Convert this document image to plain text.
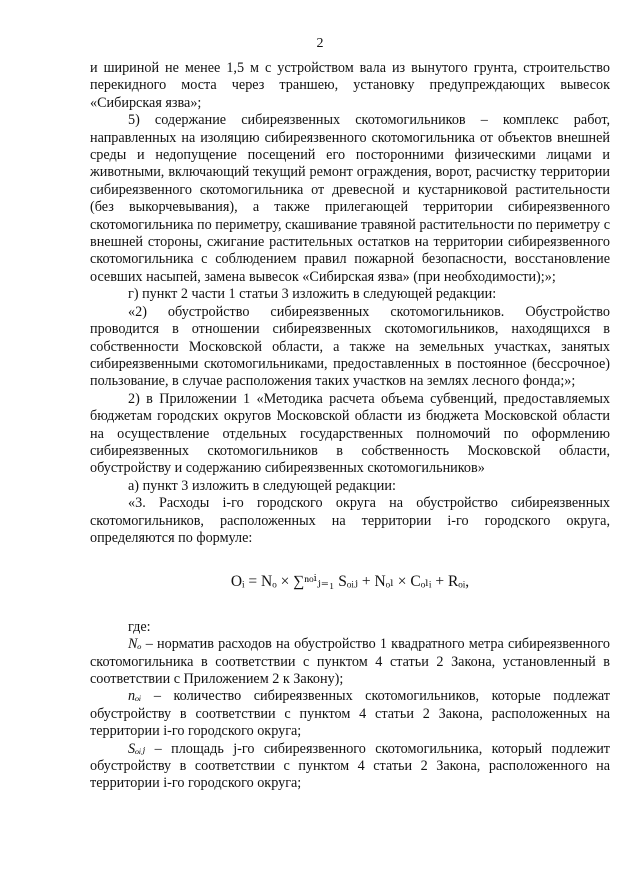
2

и шириной не менее 1,5 м с устройством вала из вынутого грунта, строительство перекидного моста через траншею, установку предупреждающих вывесок «Сибирская язва»;

5) содержание сибиреязвенных скотомогильников – комплекс работ, направленных на изоляцию сибиреязвенного скотомогильника от объектов внешней среды и недопущение посещений его посторонними физическими лицами и животными, включающий текущий ремонт ограждения, ворот, расчистку территории сибиреязвенного скотомогильника от древесной и кустарниковой растительности (без выкорчевывания), а также прилегающей территории сибиреязвенного скотомогильника по периметру, скашивание травяной растительности по периметру с внешней стороны, сжигание растительных остатков на территории сибиреязвенного скотомогильника с соблюдением правил пожарной безопасности, восстановление осевших насыпей, замена вывесок «Сибирская язва» (при необходимости);»;

г) пункт 2 части 1 статьи 3 изложить в следующей редакции:

«2) обустройство сибиреязвенных скотомогильников. Обустройство проводится в отношении сибиреязвенных скотомогильников, находящихся в собственности Московской области, а также на земельных участках, занятых сибиреязвенными скотомогильниками, предоставленных в постоянное (бессрочное) пользование, в случае расположения таких участков на землях лесного фонда;»;

2) в Приложении 1 «Методика расчета объема субвенций, предоставляемых бюджетам городских округов Московской области из бюджета Московской области на осуществление отдельных государственных полномочий по оформлению сибиреязвенных скотомогильников в собственность Московской области, обустройству и содержанию сибиреязвенных скотомогильников»

а) пункт 3 изложить в следующей редакции:

«3. Расходы i-го городского округа на обустройство сибиреязвенных скотомогильников, расположенных на территории i-го городского округа, определяются по формуле:

Oᵢ = Nₒ × ∑ⁿᵒⁱⱼ₌₁ Sₒᵢⱼ + Nₒₗ × Cₒₗᵢ + Rₒᵢ,

где:

Nₒ – норматив расходов на обустройство 1 квадратного метра сибиреязвенного скотомогильника в соответствии с пунктом 4 статьи 2 Закона, установленный в соответствии с Приложением 2 к Закону);

nₒᵢ – количество сибиреязвенных скотомогильников, которые подлежат обустройству в соответствии с пунктом 4 статьи 2 Закона, расположенных на территории i-го городского округа;

Sₒᵢⱼ – площадь j-го сибиреязвенного скотомогильника, который подлежит обустройству в соответствии с пунктом 4 статьи 2 Закона, расположенного на территории i-го городского округа;
